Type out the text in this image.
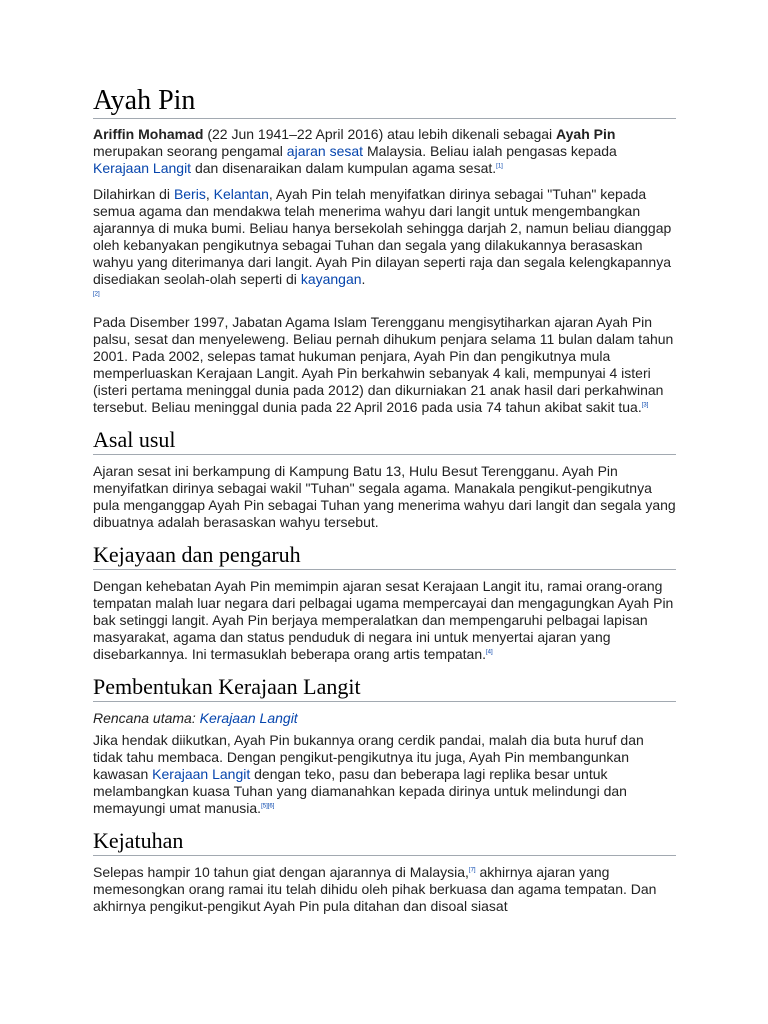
Ayah Pin

Ariffin Mohamad (22 Jun 1941–22 April 2016) atau lebih dikenali sebagai Ayah Pin merupakan seorang pengamal ajaran sesat Malaysia. Beliau ialah pengasas kepada Kerajaan Langit dan disenaraikan dalam kumpulan agama sesat.[1]

Dilahirkan di Beris, Kelantan, Ayah Pin telah menyifatkan dirinya sebagai "Tuhan" kepada semua agama dan mendakwa telah menerima wahyu dari langit untuk mengembangkan ajarannya di muka bumi. Beliau hanya bersekolah sehingga darjah 2, namun beliau dianggap oleh kebanyakan pengikutnya sebagai Tuhan dan segala yang dilakukannya berasaskan wahyu yang diterimanya dari langit. Ayah Pin dilayan seperti raja dan segala kelengkapannya disediakan seolah-olah seperti di kayangan.
[2]

Pada Disember 1997, Jabatan Agama Islam Terengganu mengisytiharkan ajaran Ayah Pin palsu, sesat dan menyeleweng. Beliau pernah dihukum penjara selama 11 bulan dalam tahun 2001. Pada 2002, selepas tamat hukuman penjara, Ayah Pin dan pengikutnya mula memperluaskan Kerajaan Langit. Ayah Pin berkahwin sebanyak 4 kali, mempunyai 4 isteri (isteri pertama meninggal dunia pada 2012) dan dikurniakan 21 anak hasil dari perkahwinan tersebut. Beliau meninggal dunia pada 22 April 2016 pada usia 74 tahun akibat sakit tua.[3]

Asal usul

Ajaran sesat ini berkampung di Kampung Batu 13, Hulu Besut Terengganu. Ayah Pin menyifatkan dirinya sebagai wakil "Tuhan" segala agama. Manakala pengikut-pengikutnya pula menganggap Ayah Pin sebagai Tuhan yang menerima wahyu dari langit dan segala yang dibuatnya adalah berasaskan wahyu tersebut.

Kejayaan dan pengaruh

Dengan kehebatan Ayah Pin memimpin ajaran sesat Kerajaan Langit itu, ramai orang-orang tempatan malah luar negara dari pelbagai ugama mempercayai dan mengagungkan Ayah Pin bak setinggi langit. Ayah Pin berjaya memperalatkan dan mempengaruhi pelbagai lapisan masyarakat, agama dan status penduduk di negara ini untuk menyertai ajaran yang disebarkannya. Ini termasuklah beberapa orang artis tempatan.[4]

Pembentukan Kerajaan Langit

Rencana utama: Kerajaan Langit

Jika hendak diikutkan, Ayah Pin bukannya orang cerdik pandai, malah dia buta huruf dan tidak tahu membaca. Dengan pengikut-pengikutnya itu juga, Ayah Pin membangunkan kawasan Kerajaan Langit dengan teko, pasu dan beberapa lagi replika besar untuk melambangkan kuasa Tuhan yang diamanahkan kepada dirinya untuk melindungi dan memayungi umat manusia.[5][6]

Kejatuhan

Selepas hampir 10 tahun giat dengan ajarannya di Malaysia,[7] akhirnya ajaran yang memesongkan orang ramai itu telah dihidu oleh pihak berkuasa dan agama tempatan. Dan akhirnya pengikut-pengikut Ayah Pin pula ditahan dan disoal siasat
